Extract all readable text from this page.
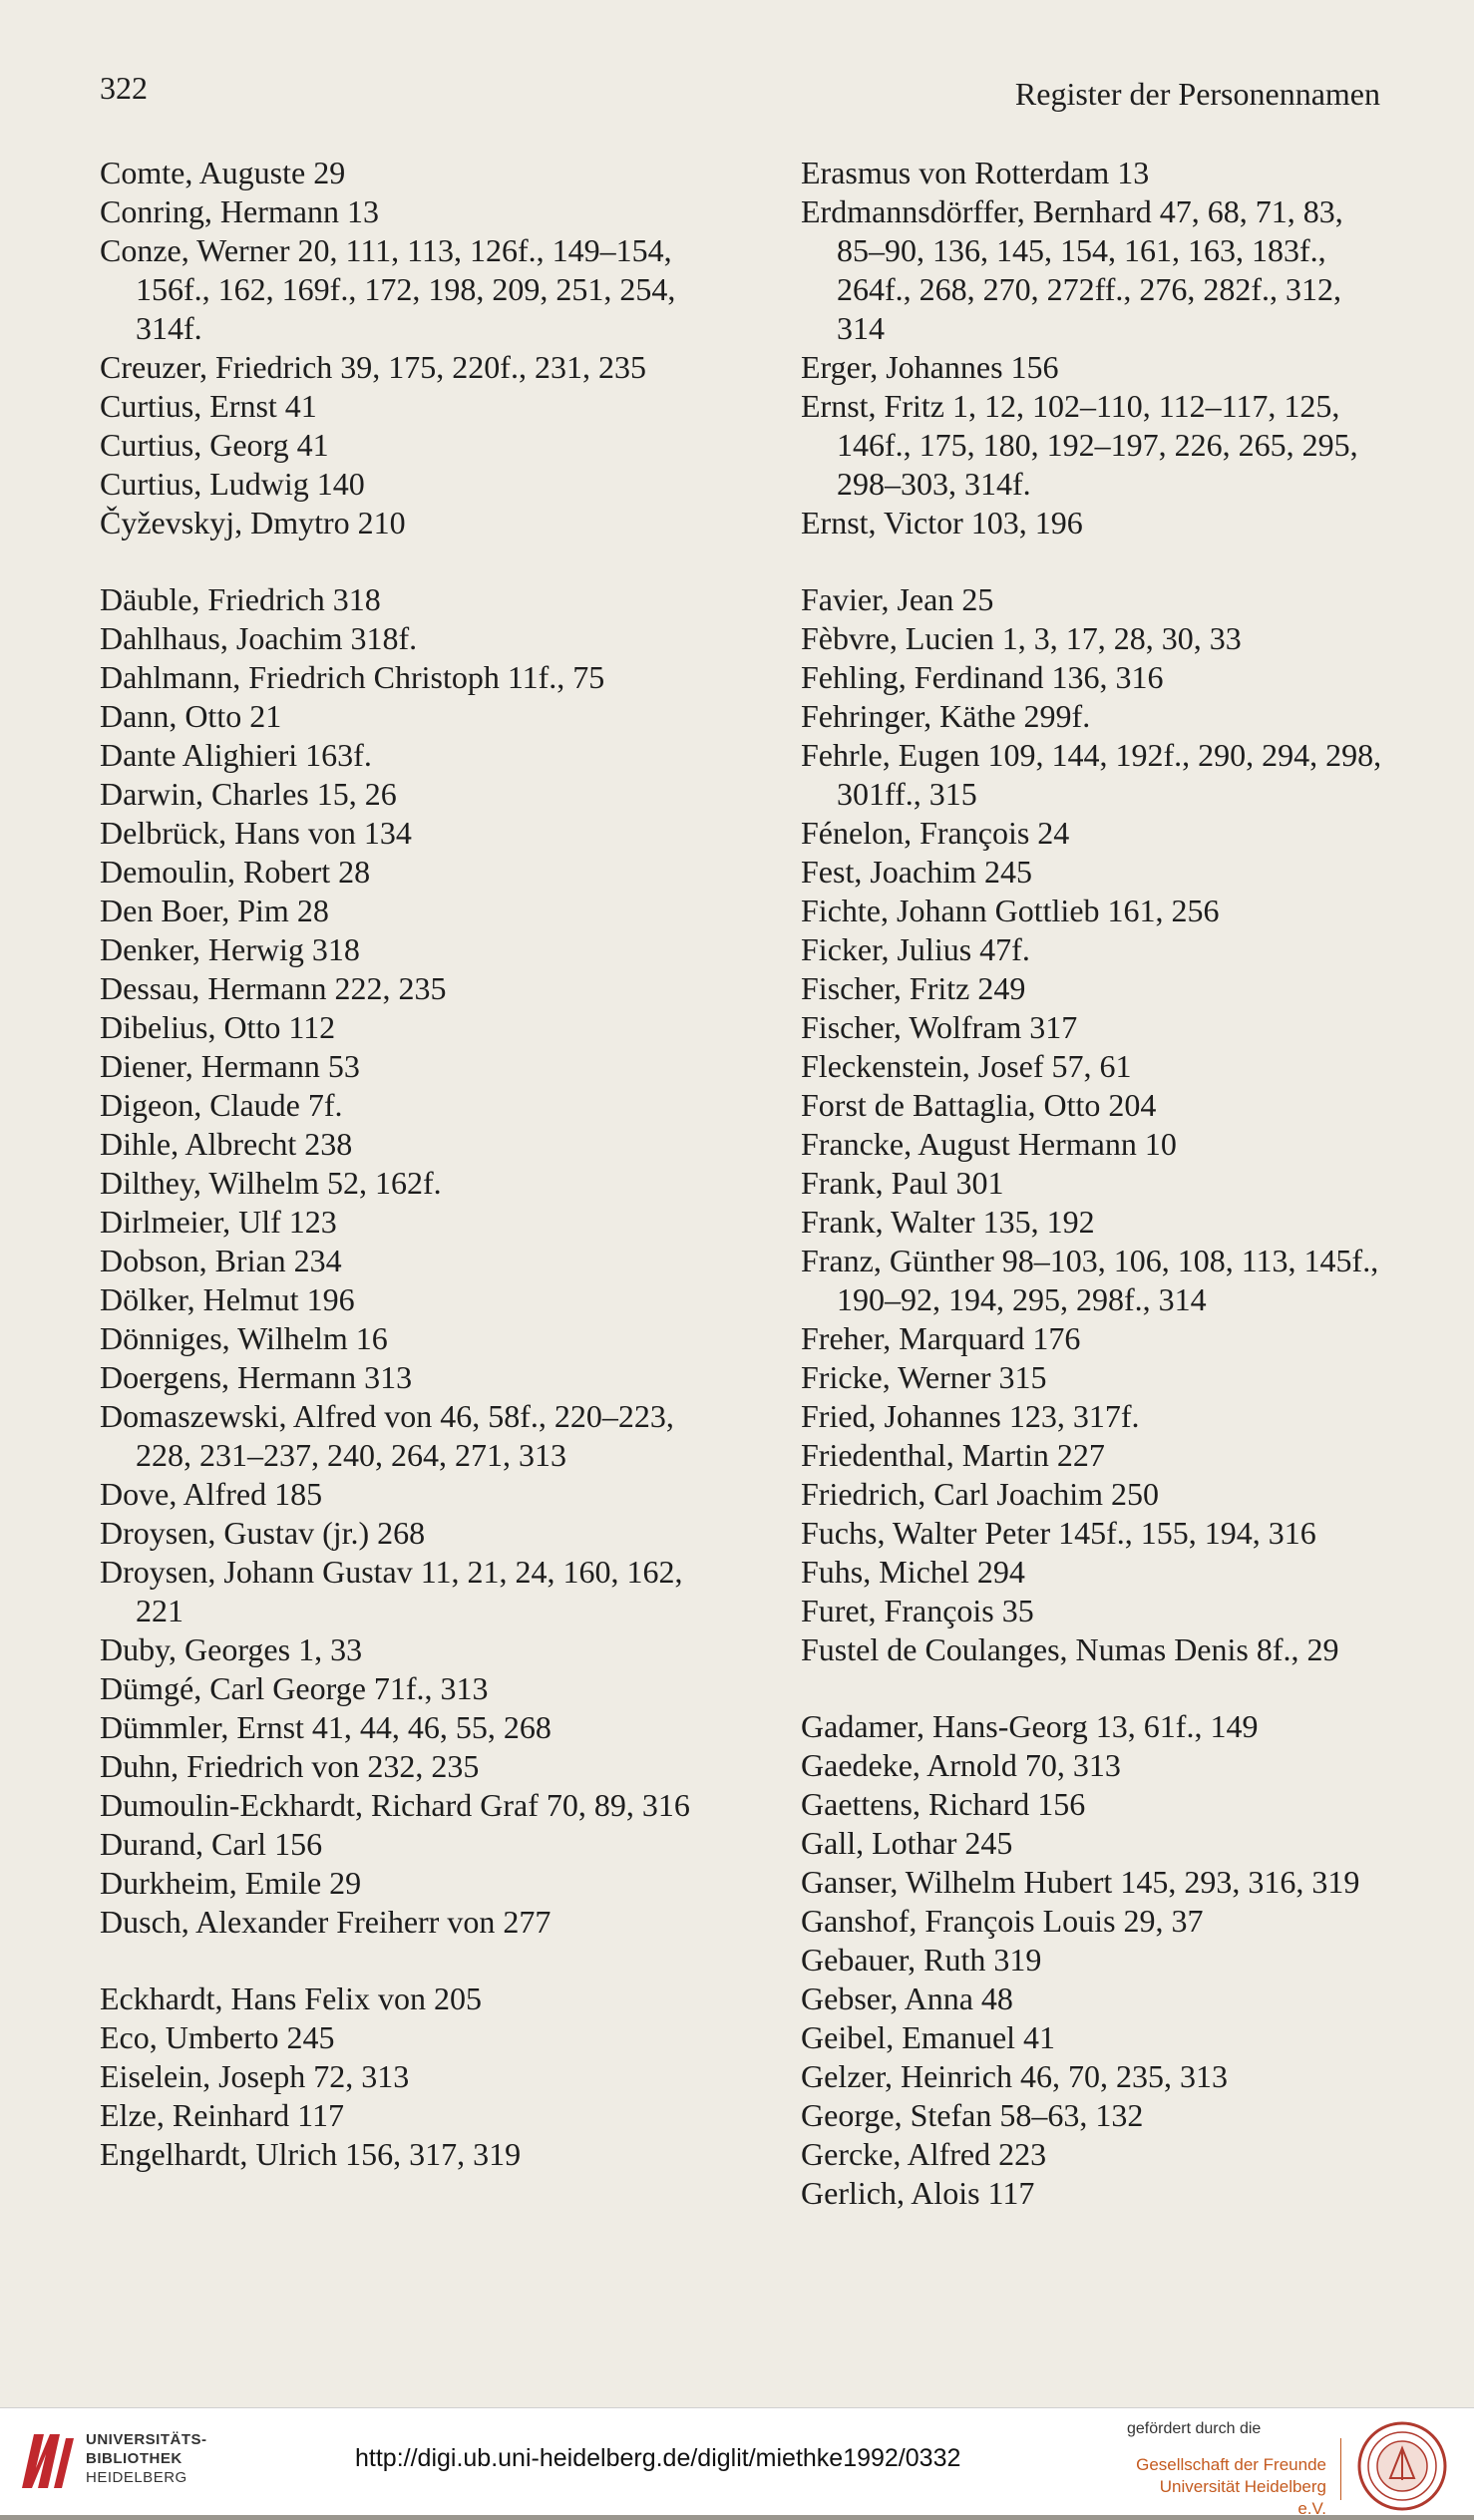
322	Register der Personennamen

Comte, Auguste 29

Conring, Hermann 13

Conze, Werner 20, 111, 113, 126f., 149–154, 156f., 162, 169f., 172, 198, 209, 251, 254, 314f.

Creuzer, Friedrich 39, 175, 220f., 231, 235

Curtius, Ernst 41

Curtius, Georg 41

Curtius, Ludwig 140

Čyževskyj, Dmytro 210

Däuble, Friedrich 318

Dahlhaus, Joachim 318f.

Dahlmann, Friedrich Christoph 11f., 75

Dann, Otto 21

Dante Alighieri 163f.

Darwin, Charles 15, 26

Delbrück, Hans von 134

Demoulin, Robert 28

Den Boer, Pim 28

Denker, Herwig 318

Dessau, Hermann 222, 235

Dibelius, Otto 112

Diener, Hermann 53

Digeon, Claude 7f.

Dihle, Albrecht 238

Dilthey, Wilhelm 52, 162f.

Dirlmeier, Ulf 123

Dobson, Brian 234

Dölker, Helmut 196

Dönniges, Wilhelm 16

Doergens, Hermann 313

Domaszewski, Alfred von 46, 58f., 220–223, 228, 231–237, 240, 264, 271, 313

Dove, Alfred 185

Droysen, Gustav (jr.) 268

Droysen, Johann Gustav 11, 21, 24, 160, 162, 221

Duby, Georges 1, 33

Dümgé, Carl George 71f., 313

Dümmler, Ernst 41, 44, 46, 55, 268

Duhn, Friedrich von 232, 235

Dumoulin-Eckhardt, Richard Graf 70, 89, 316

Durand, Carl 156

Durkheim, Emile 29

Dusch, Alexander Freiherr von 277

Eckhardt, Hans Felix von 205

Eco, Umberto 245

Eiselein, Joseph 72, 313

Elze, Reinhard 117

Engelhardt, Ulrich 156, 317, 319

Erasmus von Rotterdam 13

Erdmannsdörffer, Bernhard 47, 68, 71, 83, 85–90, 136, 145, 154, 161, 163, 183f., 264f., 268, 270, 272ff., 276, 282f., 312, 314

Erger, Johannes 156

Ernst, Fritz 1, 12, 102–110, 112–117, 125, 146f., 175, 180, 192–197, 226, 265, 295, 298–303, 314f.

Ernst, Victor 103, 196

Favier, Jean 25

Fèbvre, Lucien 1, 3, 17, 28, 30, 33

Fehling, Ferdinand 136, 316

Fehringer, Käthe 299f.

Fehrle, Eugen 109, 144, 192f., 290, 294, 298, 301ff., 315

Fénelon, François 24

Fest, Joachim 245

Fichte, Johann Gottlieb 161, 256

Ficker, Julius 47f.

Fischer, Fritz 249

Fischer, Wolfram 317

Fleckenstein, Josef 57, 61

Forst de Battaglia, Otto 204

Francke, August Hermann 10

Frank, Paul 301

Frank, Walter 135, 192

Franz, Günther 98–103, 106, 108, 113, 145f., 190–92, 194, 295, 298f., 314

Freher, Marquard 176

Fricke, Werner 315

Fried, Johannes 123, 317f.

Friedenthal, Martin 227

Friedrich, Carl Joachim 250

Fuchs, Walter Peter 145f., 155, 194, 316

Fuhs, Michel 294

Furet, François 35

Fustel de Coulanges, Numas Denis 8f., 29

Gadamer, Hans-Georg 13, 61f., 149

Gaedeke, Arnold 70, 313

Gaettens, Richard 156

Gall, Lothar 245

Ganser, Wilhelm Hubert 145, 293, 316, 319

Ganshof, François Louis 29, 37

Gebauer, Ruth 319

Gebser, Anna 48

Geibel, Emanuel 41

Gelzer, Heinrich 46, 70, 235, 313

George, Stefan 58–63, 132

Gercke, Alfred 223

Gerlich, Alois 117

UNIVERSITÄTS-
BIBLIOTHEK
HEIDELBERG
http://digi.ub.uni-heidelberg.de/diglit/miethke1992/0332
gefördert durch die
Gesellschaft der Freunde
Universität Heidelberg e.V.
